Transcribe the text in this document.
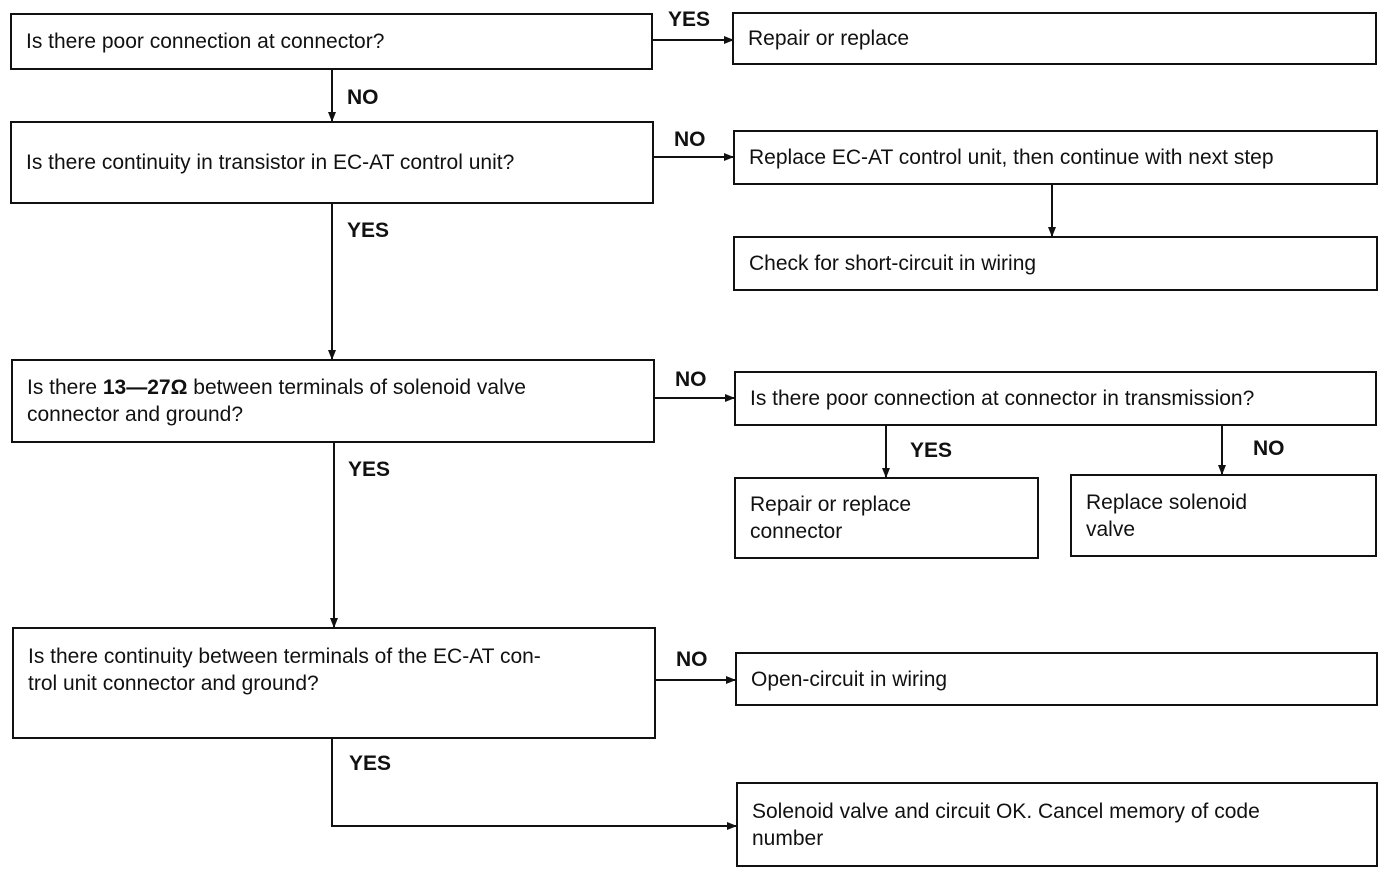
Is there poor connection at connector?
Is there continuity in transistor in EC-AT control unit?
Is there 13—27Ω between terminals of solenoid valve
connector and ground?
Is there continuity between terminals of the EC-AT con-
trol unit connector and ground?
Repair or replace
Replace EC-AT control unit, then continue with next step
Check for short-circuit in wiring
Is there poor connection at connector in transmission?
Repair or replace
connector
Replace solenoid
valve
Open-circuit in wiring
Solenoid valve and circuit OK. Cancel memory of code
number
YES
NO
NO
YES
NO
YES
YES	NO
NO
YES
